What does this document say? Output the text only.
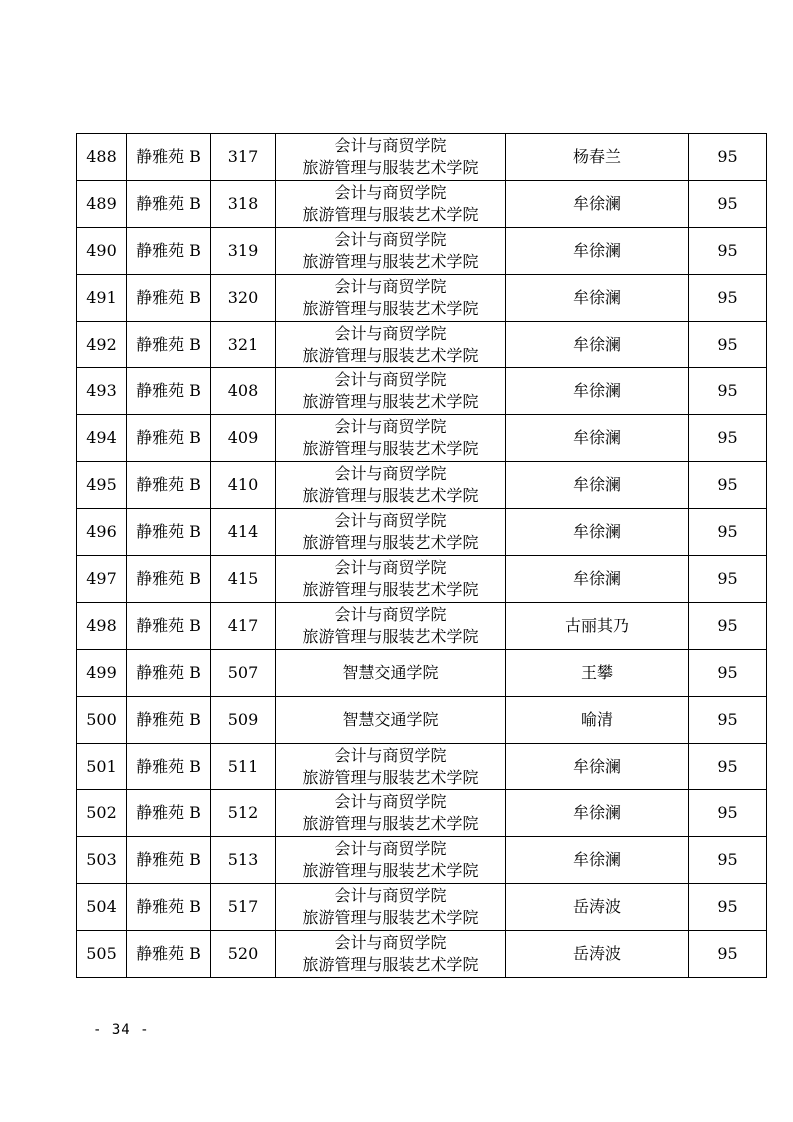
488	静雅苑 B	317	会计与商贸学院
旅游管理与服装艺术学院	杨春兰	95
489	静雅苑 B	318	会计与商贸学院
旅游管理与服装艺术学院	牟徐澜	95
490	静雅苑 B	319	会计与商贸学院
旅游管理与服装艺术学院	牟徐澜	95
491	静雅苑 B	320	会计与商贸学院
旅游管理与服装艺术学院	牟徐澜	95
492	静雅苑 B	321	会计与商贸学院
旅游管理与服装艺术学院	牟徐澜	95
493	静雅苑 B	408	会计与商贸学院
旅游管理与服装艺术学院	牟徐澜	95
494	静雅苑 B	409	会计与商贸学院
旅游管理与服装艺术学院	牟徐澜	95
495	静雅苑 B	410	会计与商贸学院
旅游管理与服装艺术学院	牟徐澜	95
496	静雅苑 B	414	会计与商贸学院
旅游管理与服装艺术学院	牟徐澜	95
497	静雅苑 B	415	会计与商贸学院
旅游管理与服装艺术学院	牟徐澜	95
498	静雅苑 B	417	会计与商贸学院
旅游管理与服装艺术学院	古丽其乃	95
499	静雅苑 B	507	智慧交通学院	王攀	95
500	静雅苑 B	509	智慧交通学院	喻清	95
501	静雅苑 B	511	会计与商贸学院
旅游管理与服装艺术学院	牟徐澜	95
502	静雅苑 B	512	会计与商贸学院
旅游管理与服装艺术学院	牟徐澜	95
503	静雅苑 B	513	会计与商贸学院
旅游管理与服装艺术学院	牟徐澜	95
504	静雅苑 B	517	会计与商贸学院
旅游管理与服装艺术学院	岳涛波	95
505	静雅苑 B	520	会计与商贸学院
旅游管理与服装艺术学院	岳涛波	95
- 34 -
